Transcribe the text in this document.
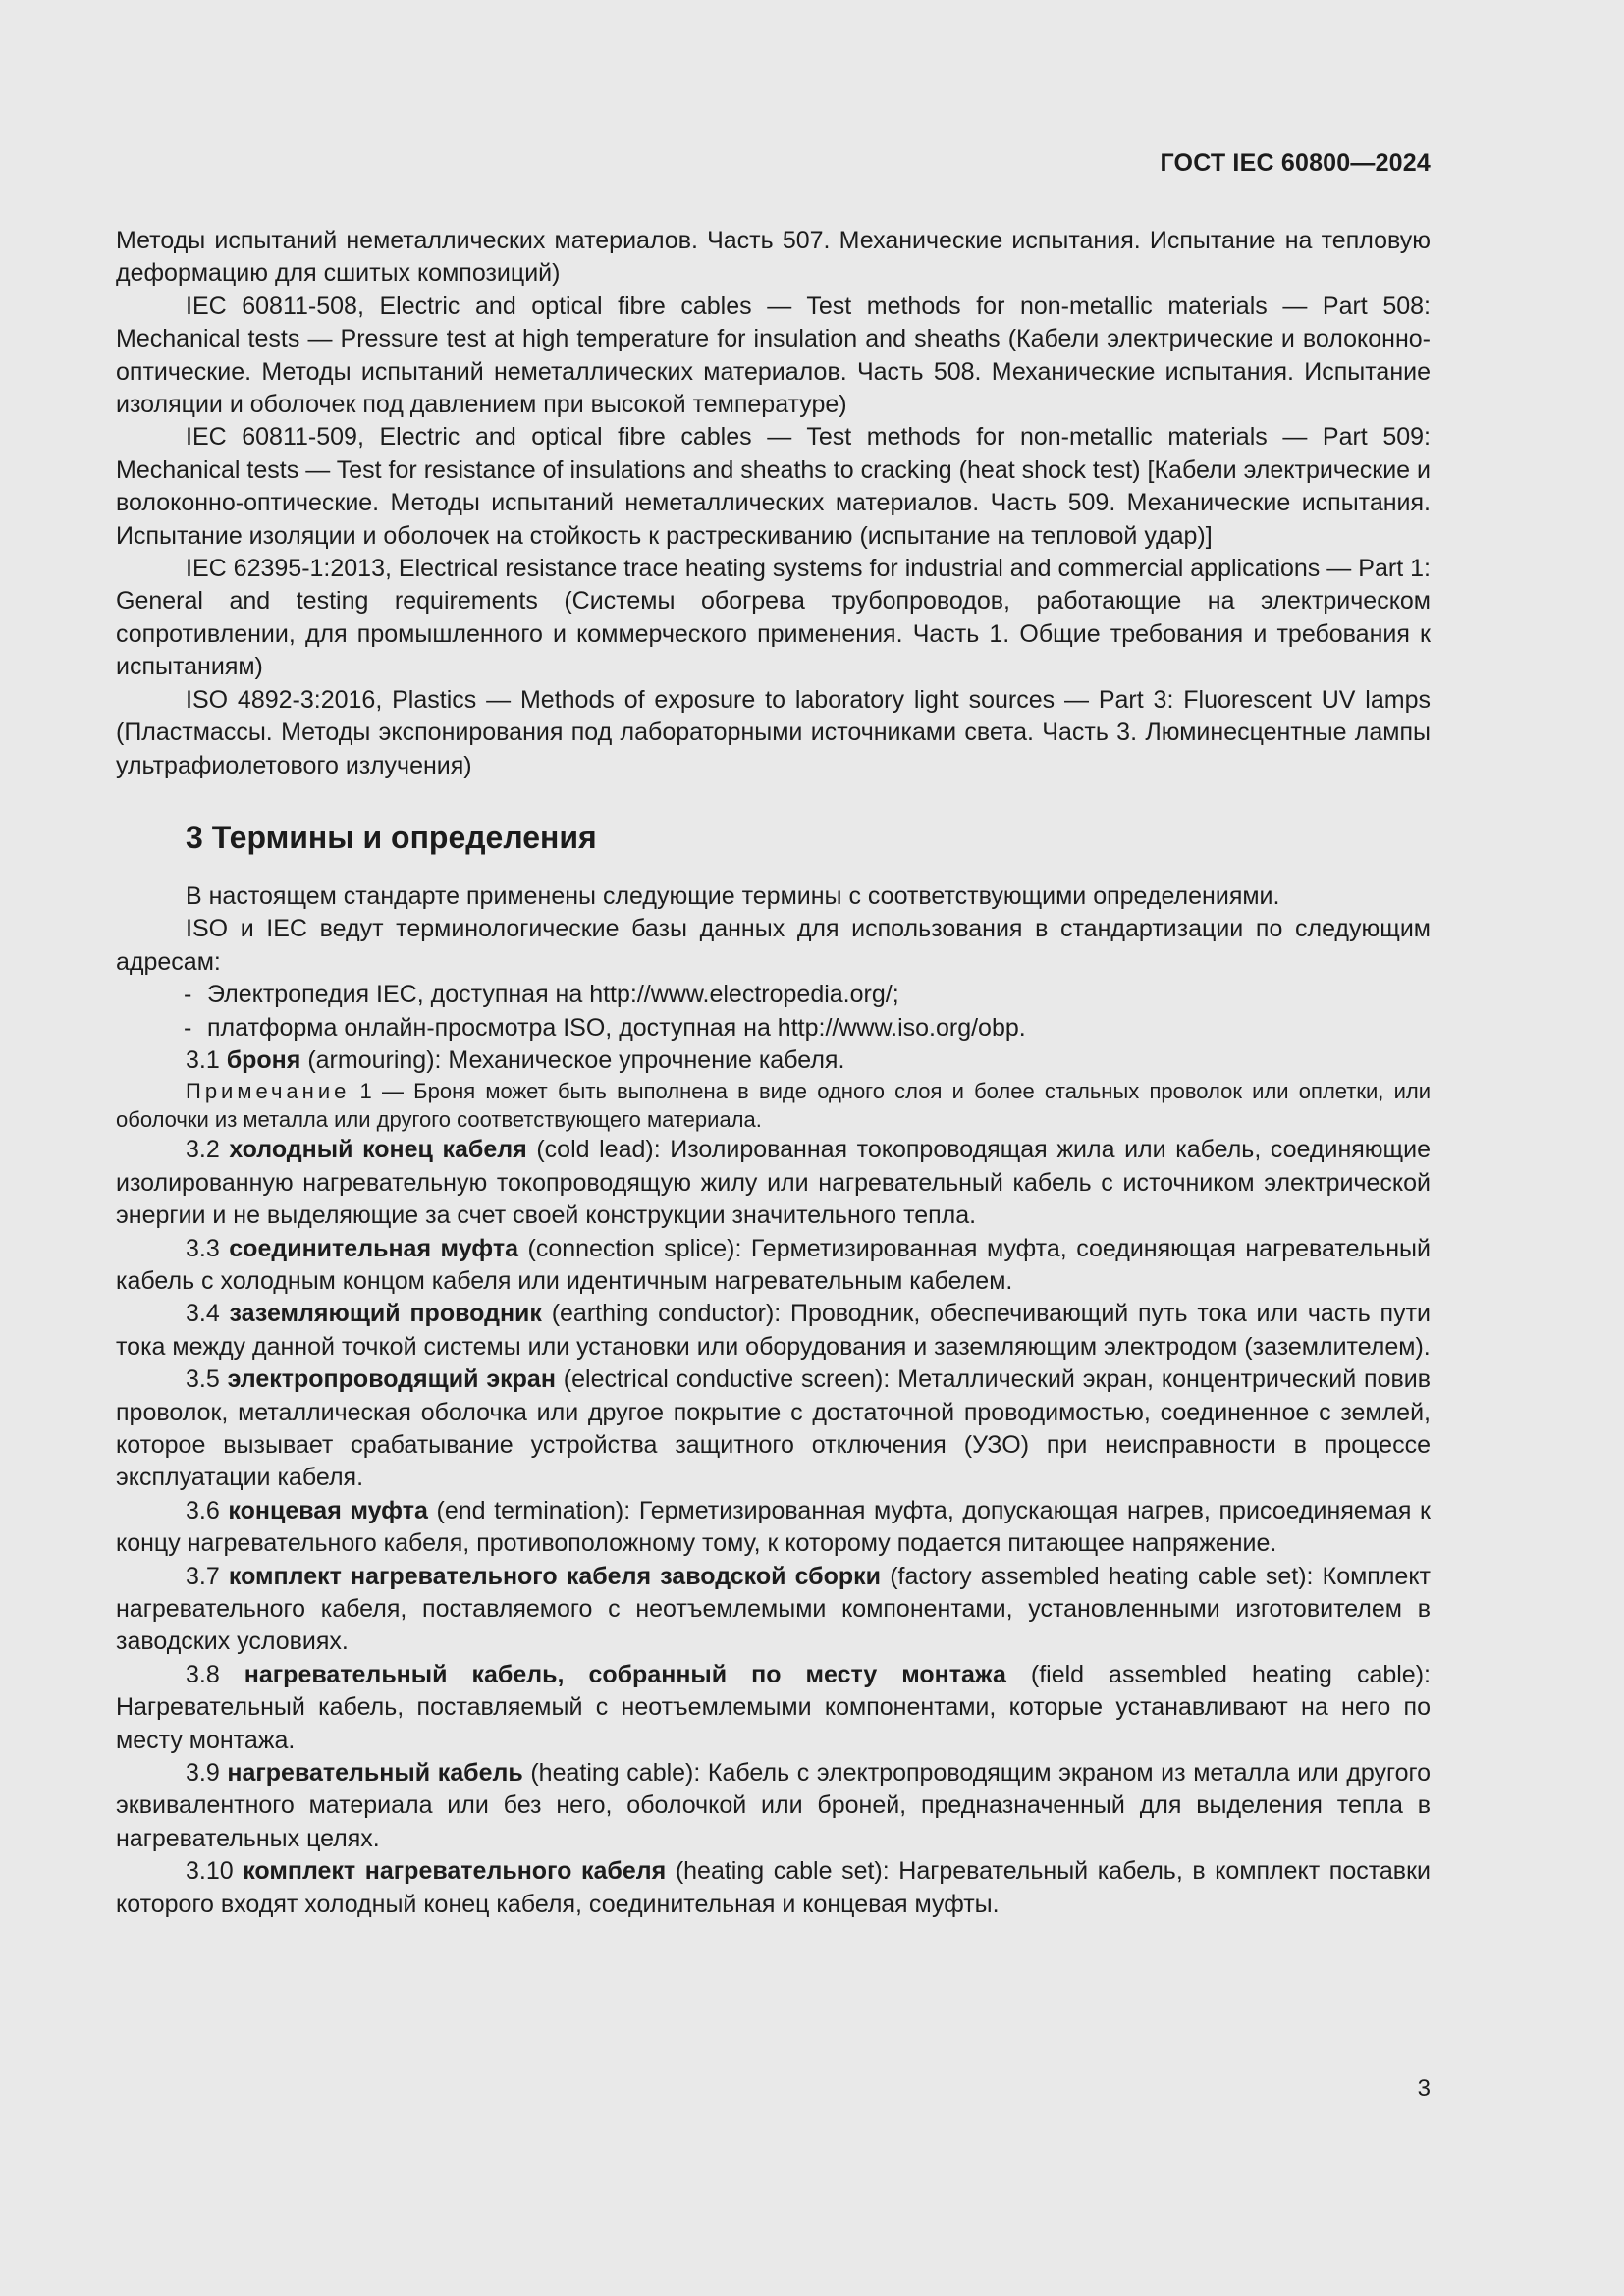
ГОСТ IEC 60800—2024

Методы испытаний неметаллических материалов. Часть 507. Механические испытания. Испытание на тепловую деформацию для сшитых композиций)

IEC 60811-508, Electric and optical fibre cables — Test methods for non-metallic materials — Part 508: Mechanical tests — Pressure test at high temperature for insulation and sheaths (Кабели электрические и волоконно-оптические. Методы испытаний неметаллических материалов. Часть 508. Механические испытания. Испытание изоляции и оболочек под давлением при высокой температуре)

IEC 60811-509, Electric and optical fibre cables — Test methods for non-metallic materials — Part 509: Mechanical tests — Test for resistance of insulations and sheaths to cracking (heat shock test) [Кабели электрические и волоконно-оптические. Методы испытаний неметаллических материалов. Часть 509. Механические испытания. Испытание изоляции и оболочек на стойкость к растрескиванию (испытание на тепловой удар)]

IEC 62395-1:2013, Electrical resistance trace heating systems for industrial and commercial applications — Part 1: General and testing requirements (Системы обогрева трубопроводов, работающие на электрическом сопротивлении, для промышленного и коммерческого применения. Часть 1. Общие требования и требования к испытаниям)

ISO 4892-3:2016, Plastics — Methods of exposure to laboratory light sources — Part 3: Fluorescent UV lamps (Пластмассы. Методы экспонирования под лабораторными источниками света. Часть 3. Люминесцентные лампы ультрафиолетового излучения)

3 Термины и определения

В настоящем стандарте применены следующие термины с соответствующими определениями.

ISO и IEC ведут терминологические базы данных для использования в стандартизации по следующим адресам:

- Электропедия IEC, доступная на http://www.electropedia.org/;
- платформа онлайн-просмотра ISO, доступная на http://www.iso.org/obp.

3.1 броня (armouring): Механическое упрочнение кабеля.

Примечание 1 — Броня может быть выполнена в виде одного слоя и более стальных проволок или оплетки, или оболочки из металла или другого соответствующего материала.

3.2 холодный конец кабеля (cold lead): Изолированная токопроводящая жила или кабель, соединяющие изолированную нагревательную токопроводящую жилу или нагревательный кабель с источником электрической энергии и не выделяющие за счет своей конструкции значительного тепла.

3.3 соединительная муфта (connection splice): Герметизированная муфта, соединяющая нагревательный кабель с холодным концом кабеля или идентичным нагревательным кабелем.

3.4 заземляющий проводник (earthing conductor): Проводник, обеспечивающий путь тока или часть пути тока между данной точкой системы или установки или оборудования и заземляющим электродом (заземлителем).

3.5 электропроводящий экран (electrical conductive screen): Металлический экран, концентрический повив проволок, металлическая оболочка или другое покрытие с достаточной проводимостью, соединенное с землей, которое вызывает срабатывание устройства защитного отключения (УЗО) при неисправности в процессе эксплуатации кабеля.

3.6 концевая муфта (end termination): Герметизированная муфта, допускающая нагрев, присоединяемая к концу нагревательного кабеля, противоположному тому, к которому подается питающее напряжение.

3.7 комплект нагревательного кабеля заводской сборки (factory assembled heating cable set): Комплект нагревательного кабеля, поставляемого с неотъемлемыми компонентами, установленными изготовителем в заводских условиях.

3.8 нагревательный кабель, собранный по месту монтажа (field assembled heating cable): Нагревательный кабель, поставляемый с неотъемлемыми компонентами, которые устанавливают на него по месту монтажа.

3.9 нагревательный кабель (heating cable): Кабель с электропроводящим экраном из металла или другого эквивалентного материала или без него, оболочкой или броней, предназначенный для выделения тепла в нагревательных целях.

3.10 комплект нагревательного кабеля (heating cable set): Нагревательный кабель, в комплект поставки которого входят холодный конец кабеля, соединительная и концевая муфты.

3
